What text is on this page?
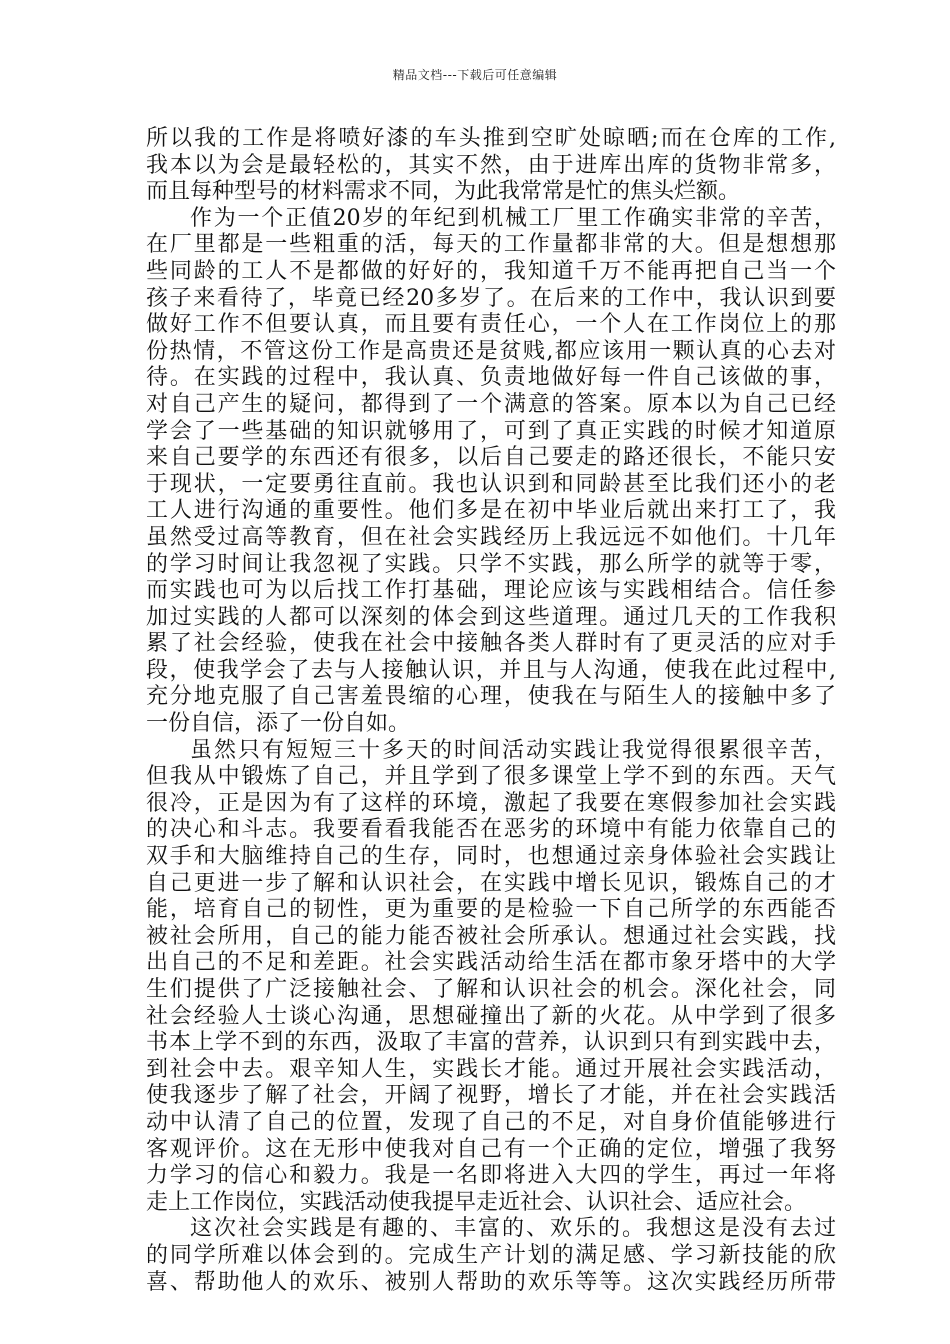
精品文档---下载后可任意编辑
所以我的工作是将喷好漆的车头推到空旷处晾晒;而在仓库的工作,
我本以为会是最轻松的，其实不然，由于进库出库的货物非常多，
而且每种型号的材料需求不同，为此我常常是忙的焦头烂额。
作为一个正值20岁的年纪到机械工厂里工作确实非常的辛苦，
在厂里都是一些粗重的活，每天的工作量都非常的大。但是想想那
些同龄的工人不是都做的好好的，我知道千万不能再把自己当一个
孩子来看待了，毕竟已经20多岁了。在后来的工作中，我认识到要
做好工作不但要认真，而且要有责任心，一个人在工作岗位上的那
份热情，不管这份工作是高贵还是贫贱,都应该用一颗认真的心去对
待。在实践的过程中，我认真、负责地做好每一件自己该做的事，
对自己产生的疑问，都得到了一个满意的答案。原本以为自己已经
学会了一些基础的知识就够用了，可到了真正实践的时候才知道原
来自己要学的东西还有很多，以后自己要走的路还很长，不能只安
于现状，一定要勇往直前。我也认识到和同龄甚至比我们还小的老
工人进行沟通的重要性。他们多是在初中毕业后就出来打工了，我
虽然受过高等教育，但在社会实践经历上我远远不如他们。十几年
的学习时间让我忽视了实践。只学不实践，那么所学的就等于零，
而实践也可为以后找工作打基础，理论应该与实践相结合。信任参
加过实践的人都可以深刻的体会到这些道理。通过几天的工作我积
累了社会经验，使我在社会中接触各类人群时有了更灵活的应对手
段，使我学会了去与人接触认识，并且与人沟通，使我在此过程中,
充分地克服了自己害羞畏缩的心理，使我在与陌生人的接触中多了
一份自信，添了一份自如。
虽然只有短短三十多天的时间活动实践让我觉得很累很辛苦，
但我从中锻炼了自己，并且学到了很多课堂上学不到的东西。天气
很冷，正是因为有了这样的环境，激起了我要在寒假参加社会实践
的决心和斗志。我要看看我能否在恶劣的环境中有能力依靠自己的
双手和大脑维持自己的生存，同时，也想通过亲身体验社会实践让
自己更进一步了解和认识社会，在实践中增长见识，锻炼自己的才
能，培育自己的韧性，更为重要的是检验一下自己所学的东西能否
被社会所用，自己的能力能否被社会所承认。想通过社会实践，找
出自己的不足和差距。社会实践活动给生活在都市象牙塔中的大学
生们提供了广泛接触社会、了解和认识社会的机会。深化社会，同
社会经验人士谈心沟通，思想碰撞出了新的火花。从中学到了很多
书本上学不到的东西，汲取了丰富的营养，认识到只有到实践中去，
到社会中去。艰辛知人生，实践长才能。通过开展社会实践活动，
使我逐步了解了社会，开阔了视野，增长了才能，并在社会实践活
动中认清了自己的位置，发现了自己的不足，对自身价值能够进行
客观评价。这在无形中使我对自己有一个正确的定位，增强了我努
力学习的信心和毅力。我是一名即将进入大四的学生，再过一年将
走上工作岗位，实践活动使我提早走近社会、认识社会、适应社会。
这次社会实践是有趣的、丰富的、欢乐的。我想这是没有去过
的同学所难以体会到的。完成生产计划的满足感、学习新技能的欣
喜、帮助他人的欢乐、被别人帮助的欢乐等等。这次实践经历所带
